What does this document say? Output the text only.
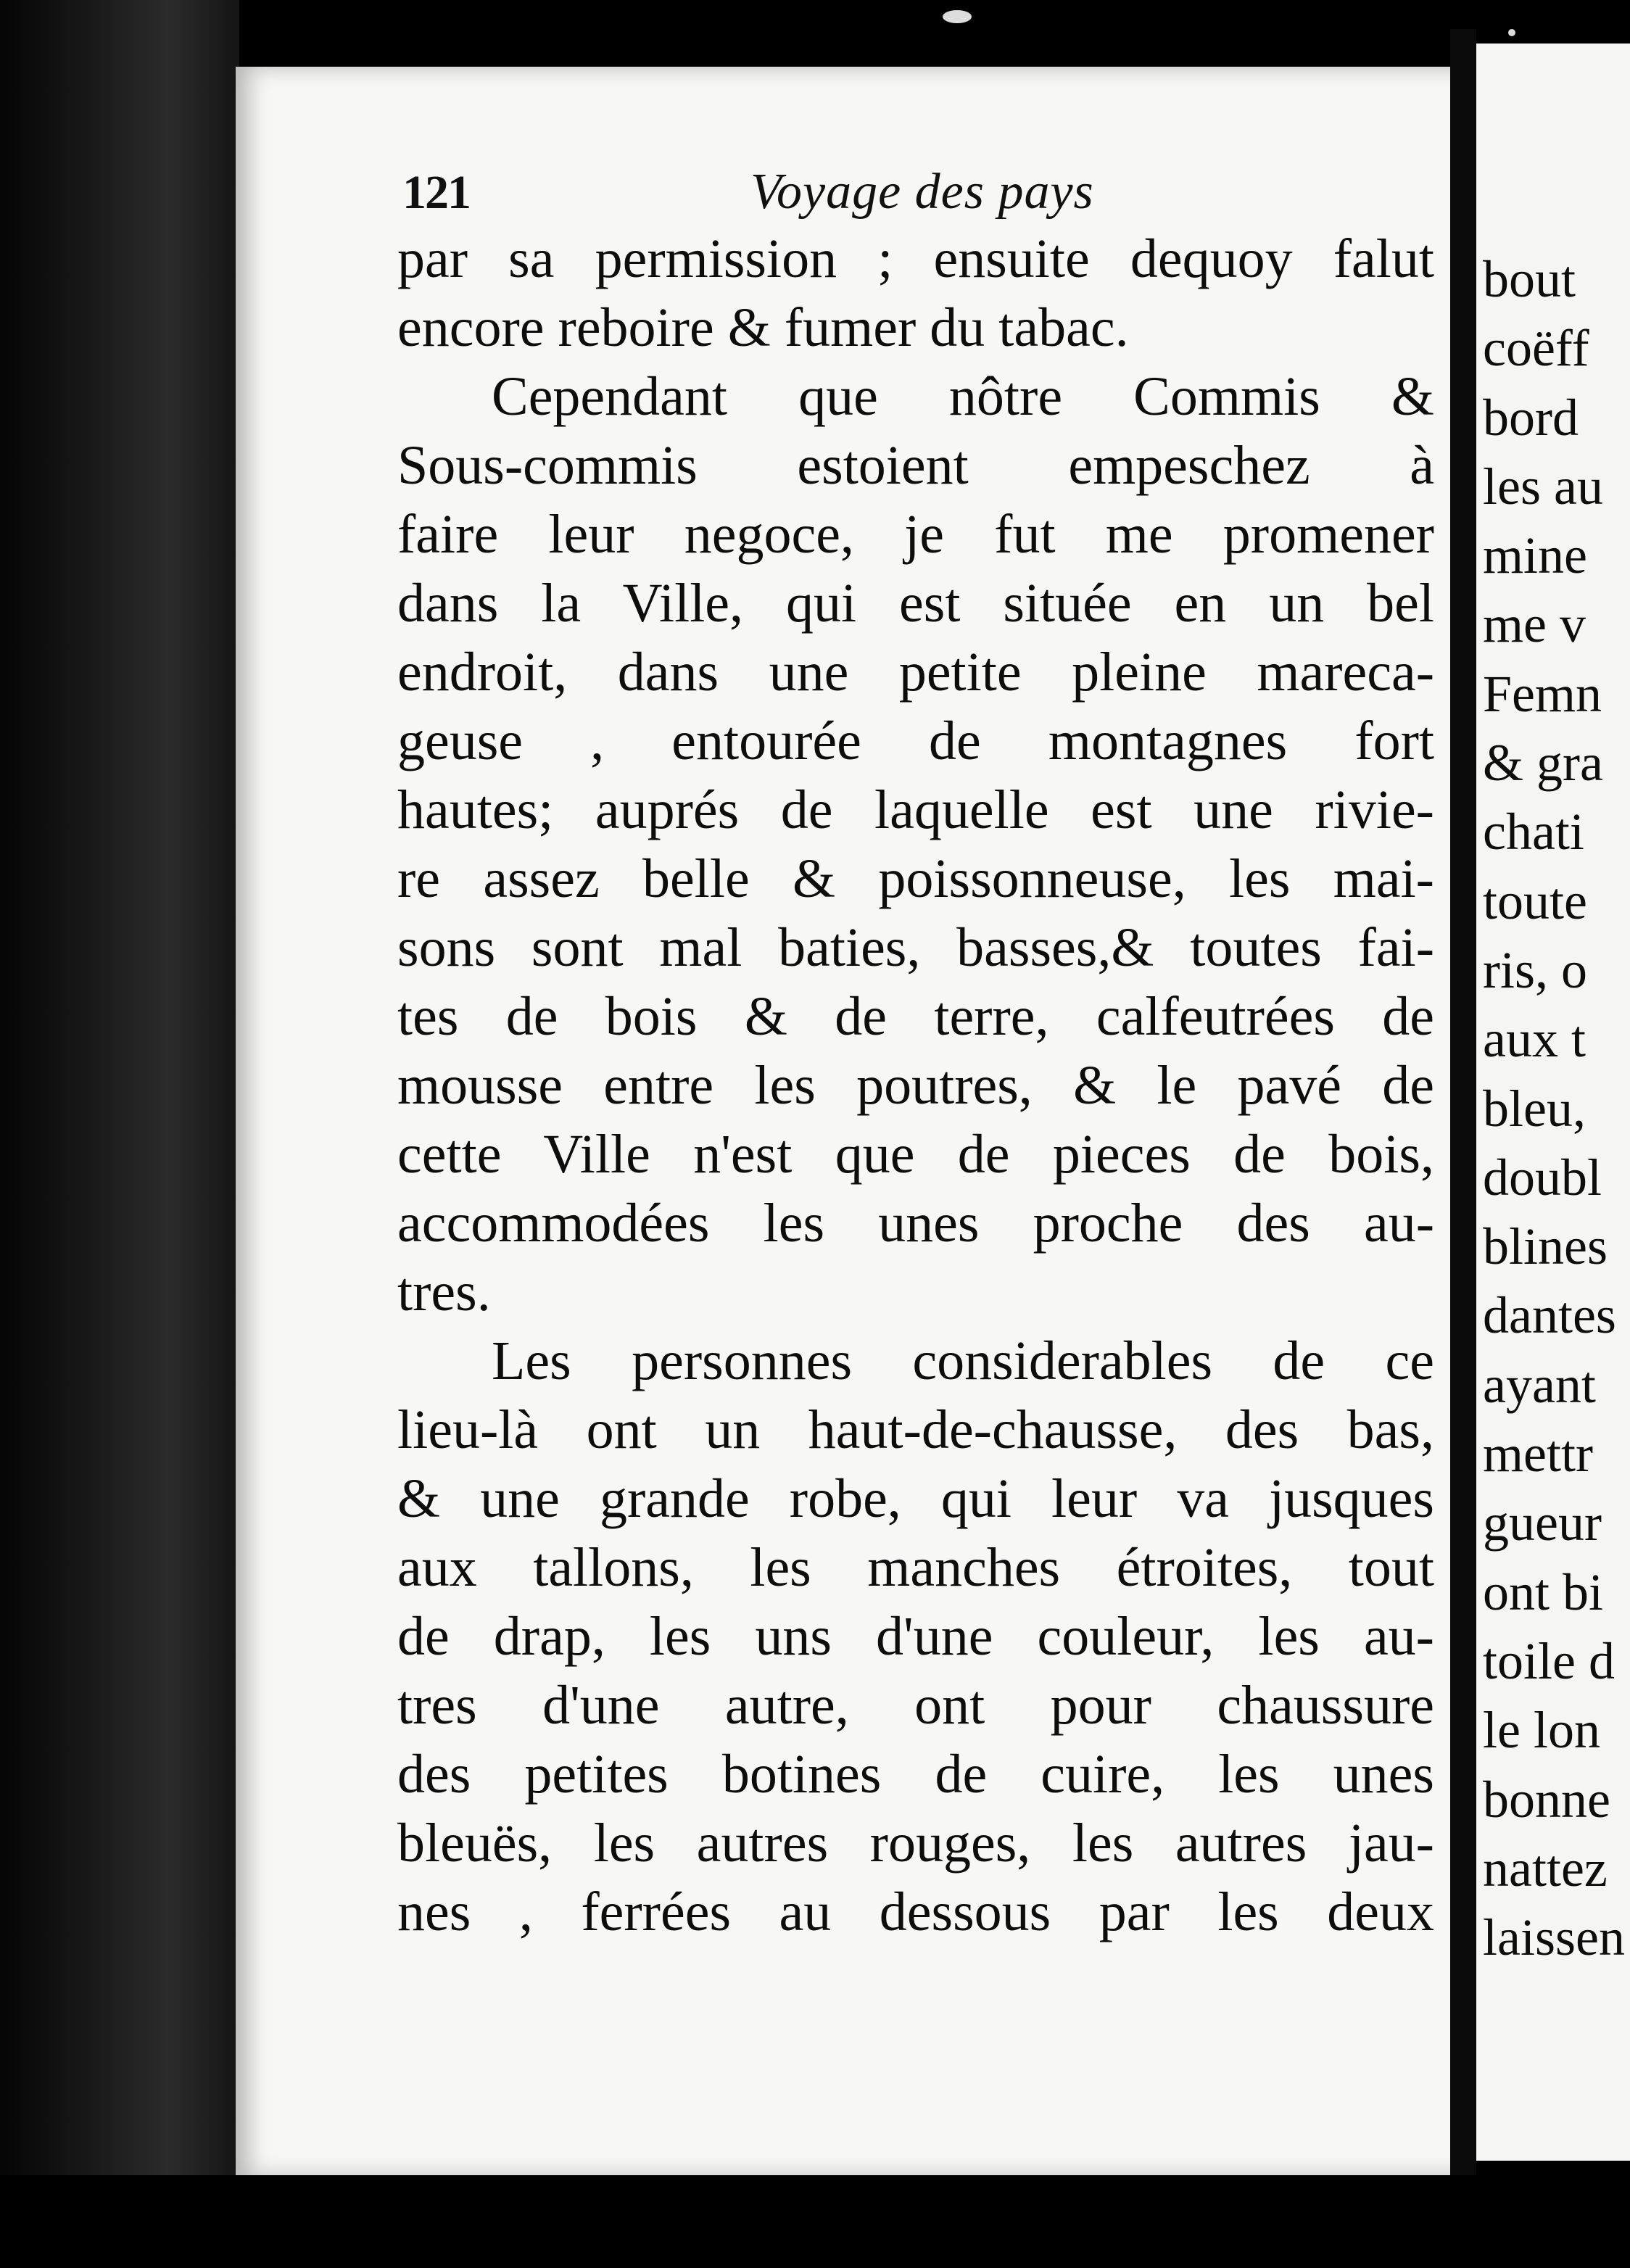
121	Voyage des pays
par sa permission ; ensuite dequoy falut
encore reboire & fumer du tabac.
Cependant que nôtre Commis &
Sous-commis estoient empeschez à
faire leur negoce, je fut me promener
dans la Ville, qui est située en un bel
endroit, dans une petite pleine mareca-
geuse , entourée de montagnes fort
hautes; auprés de laquelle est une rivie-
re assez belle & poissonneuse, les mai-
sons sont mal baties, basses,& toutes fai-
tes de bois & de terre, calfeutrées de
mousse entre les poutres, & le pavé de
cette Ville n'est que de pieces de bois,
accommodées les unes proche des au-
tres.
Les personnes considerables de ce
lieu-là ont un haut-de-chausse, des bas,
& une grande robe, qui leur va jusques
aux tallons, les manches étroites, tout
de drap, les uns d'une couleur, les au-
tres d'une autre, ont pour chaussure
des petites botines de cuire, les unes
bleuës, les autres rouges, les autres jau-
nes , ferrées au dessous par les deux
bout
coëff
bord
les au
mine
me v
Femn
& gra
chati
toute
ris, o
aux t
bleu,
doubl
blines
dantes
ayant
mettr
gueur
ont bi
toile d
le lon
bonne
nattez
laissen
